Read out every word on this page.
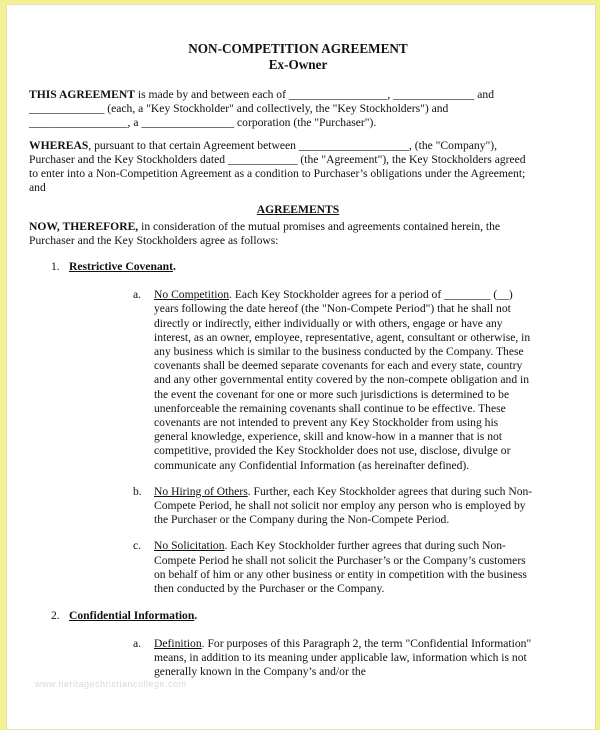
NON-COMPETITION AGREEMENT
Ex-Owner

THIS AGREEMENT is made by and between each of _________________, ______________ and _____________ (each, a "Key Stockholder" and collectively, the "Key Stockholders") and _________________, a ________________ corporation (the "Purchaser").

WHEREAS, pursuant to that certain Agreement between ___________________, (the "Company"), Purchaser and the Key Stockholders dated ____________ (the "Agreement"), the Key Stockholders agreed to enter into a Non-Competition Agreement as a condition to Purchaser’s obligations under the Agreement; and

AGREEMENTS

NOW, THEREFORE, in consideration of the mutual promises and agreements contained herein, the Purchaser and the Key Stockholders agree as follows:

1. Restrictive Covenant .
a.	No Competition. Each Key Stockholder agrees for a period of ________ (__) years following the date hereof (the "Non-Compete Period") that he shall not directly or indirectly, either individually or with others, engage or have any interest, as an owner, employee, representative, agent, consultant or otherwise, in any business which is similar to the business conducted by the Company. These covenants shall be deemed separate covenants for each and every state, country and any other governmental entity covered by the non-compete obligation and in the event the covenant for one or more such jurisdictions is determined to be unenforceable the remaining covenants shall continue to be effective. These covenants are not intended to prevent any Key Stockholder from using his general knowledge, experience, skill and know-how in a manner that is not competitive, provided the Key Stockholder does not use, disclose, divulge or communicate any Confidential Information (as hereinafter defined).
b.	No Hiring of Others. Further, each Key Stockholder agrees that during such Non-Compete Period, he shall not solicit nor employ any person who is employed by the Purchaser or the Company during the Non-Compete Period.
c.	No Solicitation. Each Key Stockholder further agrees that during such Non-Compete Period he shall not solicit the Purchaser’s or the Company’s customers on behalf of him or any other business or entity in competition with the business then conducted by the Purchaser or the Company.
2. Confidential Information .
a.	Definition. For purposes of this Paragraph 2, the term "Confidential Information" means, in addition to its meaning under applicable law, information which is not generally known in the Company’s and/or the
www.heritagechristiancollege.com
